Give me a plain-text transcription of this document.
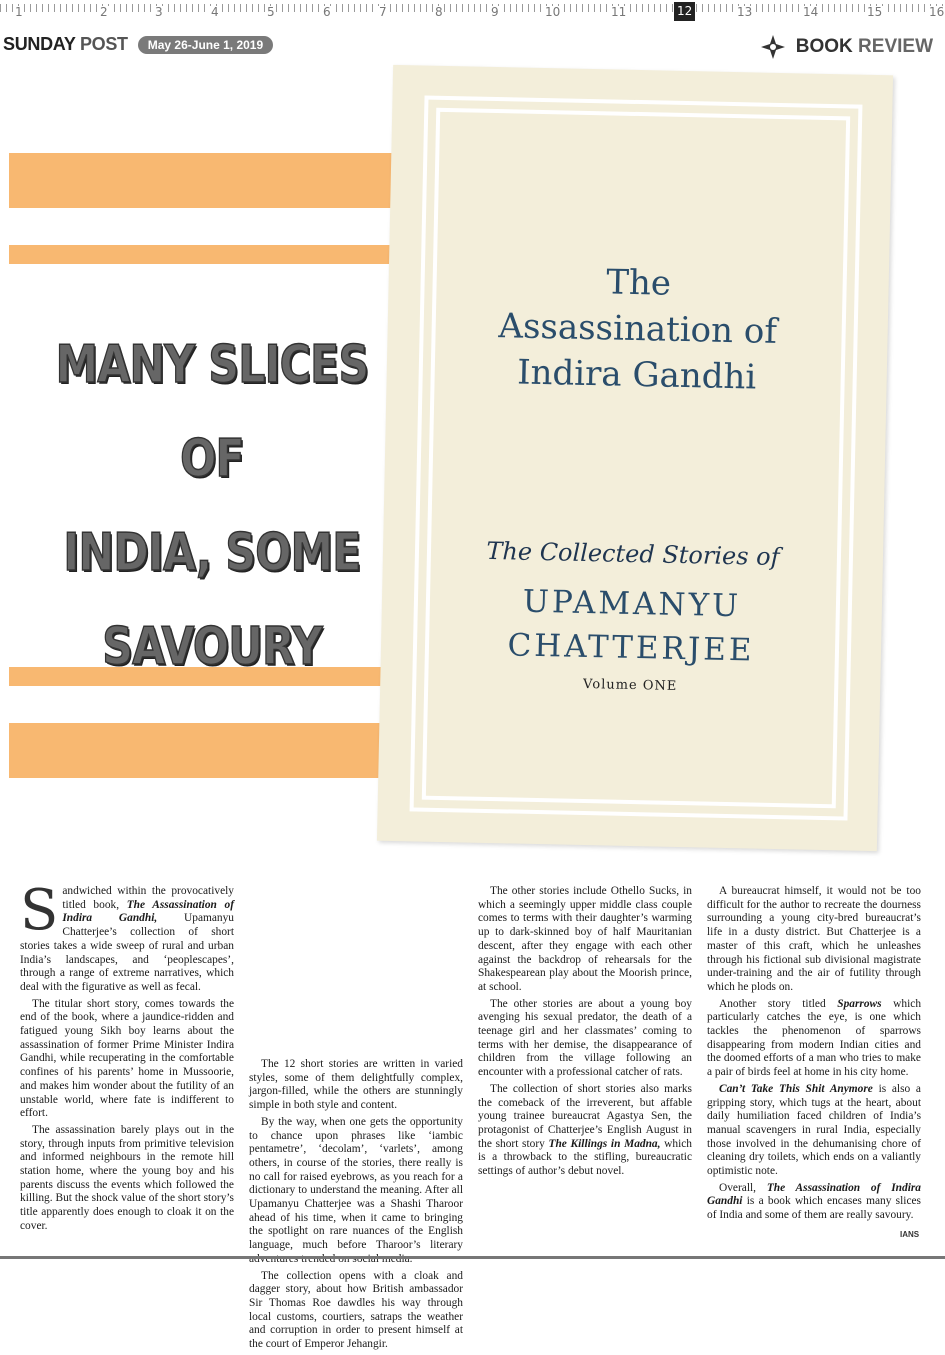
1	2	3	4	5	6	7	8	9	10	11	12	13	14	15	16
SUNDAY POST	May 26-June 1, 2019	BOOK REVIEW
MANY SLICES OF
INDIA, SOME
SAVOURY
The
Assassination of
Indira Gandhi
The Collected Stories of
UPAMANYU
CHATTERJEE
Volume ONE

Sandwiched within the provocatively titled book, The Assassination of Indira Gandhi, Upamanyu Chatterjee’s collection of short stories takes a wide sweep of rural and urban India’s landscapes, and ‘peoplescapes’, through a range of extreme narratives, which deal with the figurative as well as fecal.

The titular short story, comes towards the end of the book, where a jaundice-ridden and fatigued young Sikh boy learns about the assassination of former Prime Minister Indira Gandhi, while recuperating in the comfortable confines of his parents’ home in Mussoorie, and makes him wonder about the futility of an unstable world, where fate is indifferent to effort.

The assassination barely plays out in the story, through inputs from primitive television and informed neighbours in the remote hill station home, where the young boy and his parents discuss the events which followed the killing. But the shock value of the short story’s title apparently does enough to cloak it on the cover.

The 12 short stories are written in varied styles, some of them delightfully complex, jargon-filled, while the others are stunningly simple in both style and content.

By the way, when one gets the opportunity to chance upon phrases like ‘iambic pentametre’, ‘decolam’, ‘varlets’, among others, in course of the stories, there really is no call for raised eyebrows, as you reach for a dictionary to understand the meaning. After all Upamanyu Chatterjee was a Shashi Tharoor ahead of his time, when it came to bringing the spotlight on rare nuances of the English language, much before Tharoor’s literary

The collection opens with a cloak and dagger story, about how British ambassador Sir Thomas Roe dawdles his way through local customs, courtiers, satraps the weather and corruption in order to present himself at the court of Emperor Jehangir.

The other stories include Othello Sucks, in which a seemingly upper middle class couple comes to terms with their daughter’s warming up to dark-skinned boy of half Mauritanian descent, after they engage with each other against the backdrop of rehearsals for the Shakespearean play about the Moorish prince, at school.

The other stories are about a young boy avenging his sexual predator, the death of a teenage girl and her classmates’ coming to terms with her demise, the disappearance of children from the village following an encounter with a professional catcher of rats.

The collection of short stories also marks the comeback of the irreverent, but affable young trainee bureaucrat Agastya Sen, the protagonist of Chatterjee’s English August in the short story The Killings in Madna, which is a throwback to the stifling, bureaucratic settings of author’s debut novel.

A bureaucrat himself, it would not be too difficult for the author to recreate the dourness surrounding a young city-bred bureaucrat’s life in a dusty district. But Chatterjee is a master of this craft, which he unleashes through his fictional sub divisional magistrate under-training and the air of futility through which he plods on.

Another story titled Sparrows which particularly catches the eye, is one which tackles the phenomenon of sparrows disappearing from modern Indian cities and the doomed efforts of a man who tries to make a pair of birds feel at home in his city home.

Can’t Take This Shit Anymore is also a gripping story, which tugs at the heart, about daily humiliation faced children of India’s manual scavengers in rural India, especially those involved in the dehumanising chore of cleaning dry toilets, which ends on a valiantly optimistic note.

Overall, The Assassination of Indira Gandhi is a book which encases many slices of India and some of them are really savoury.

IANS
